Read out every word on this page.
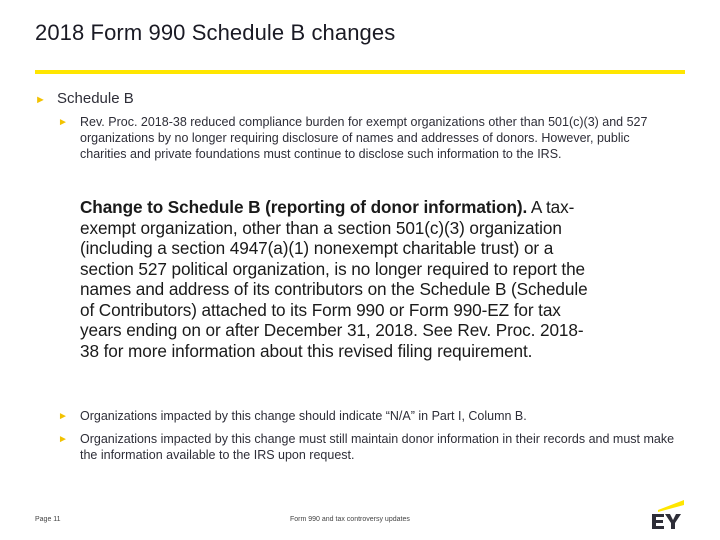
2018 Form 990 Schedule B changes
► Schedule B
► Rev. Proc. 2018-38 reduced compliance burden for exempt organizations other than 501(c)(3) and 527 organizations by no longer requiring disclosure of names and addresses of donors. However, public charities and private foundations must continue to disclose such information to the IRS.
Change to Schedule B (reporting of donor information). A tax-exempt organization, other than a section 501(c)(3) organization (including a section 4947(a)(1) nonexempt charitable trust) or a section 527 political organization, is no longer required to report the names and address of its contributors on the Schedule B (Schedule of Contributors) attached to its Form 990 or Form 990-EZ for tax years ending on or after December 31, 2018. See Rev. Proc. 2018-38 for more information about this revised filing requirement.
► Organizations impacted by this change should indicate “N/A” in Part I, Column B.
► Organizations impacted by this change must still maintain donor information in their records and must make the information available to the IRS upon request.
Page 11	Form 990 and tax controversy updates
